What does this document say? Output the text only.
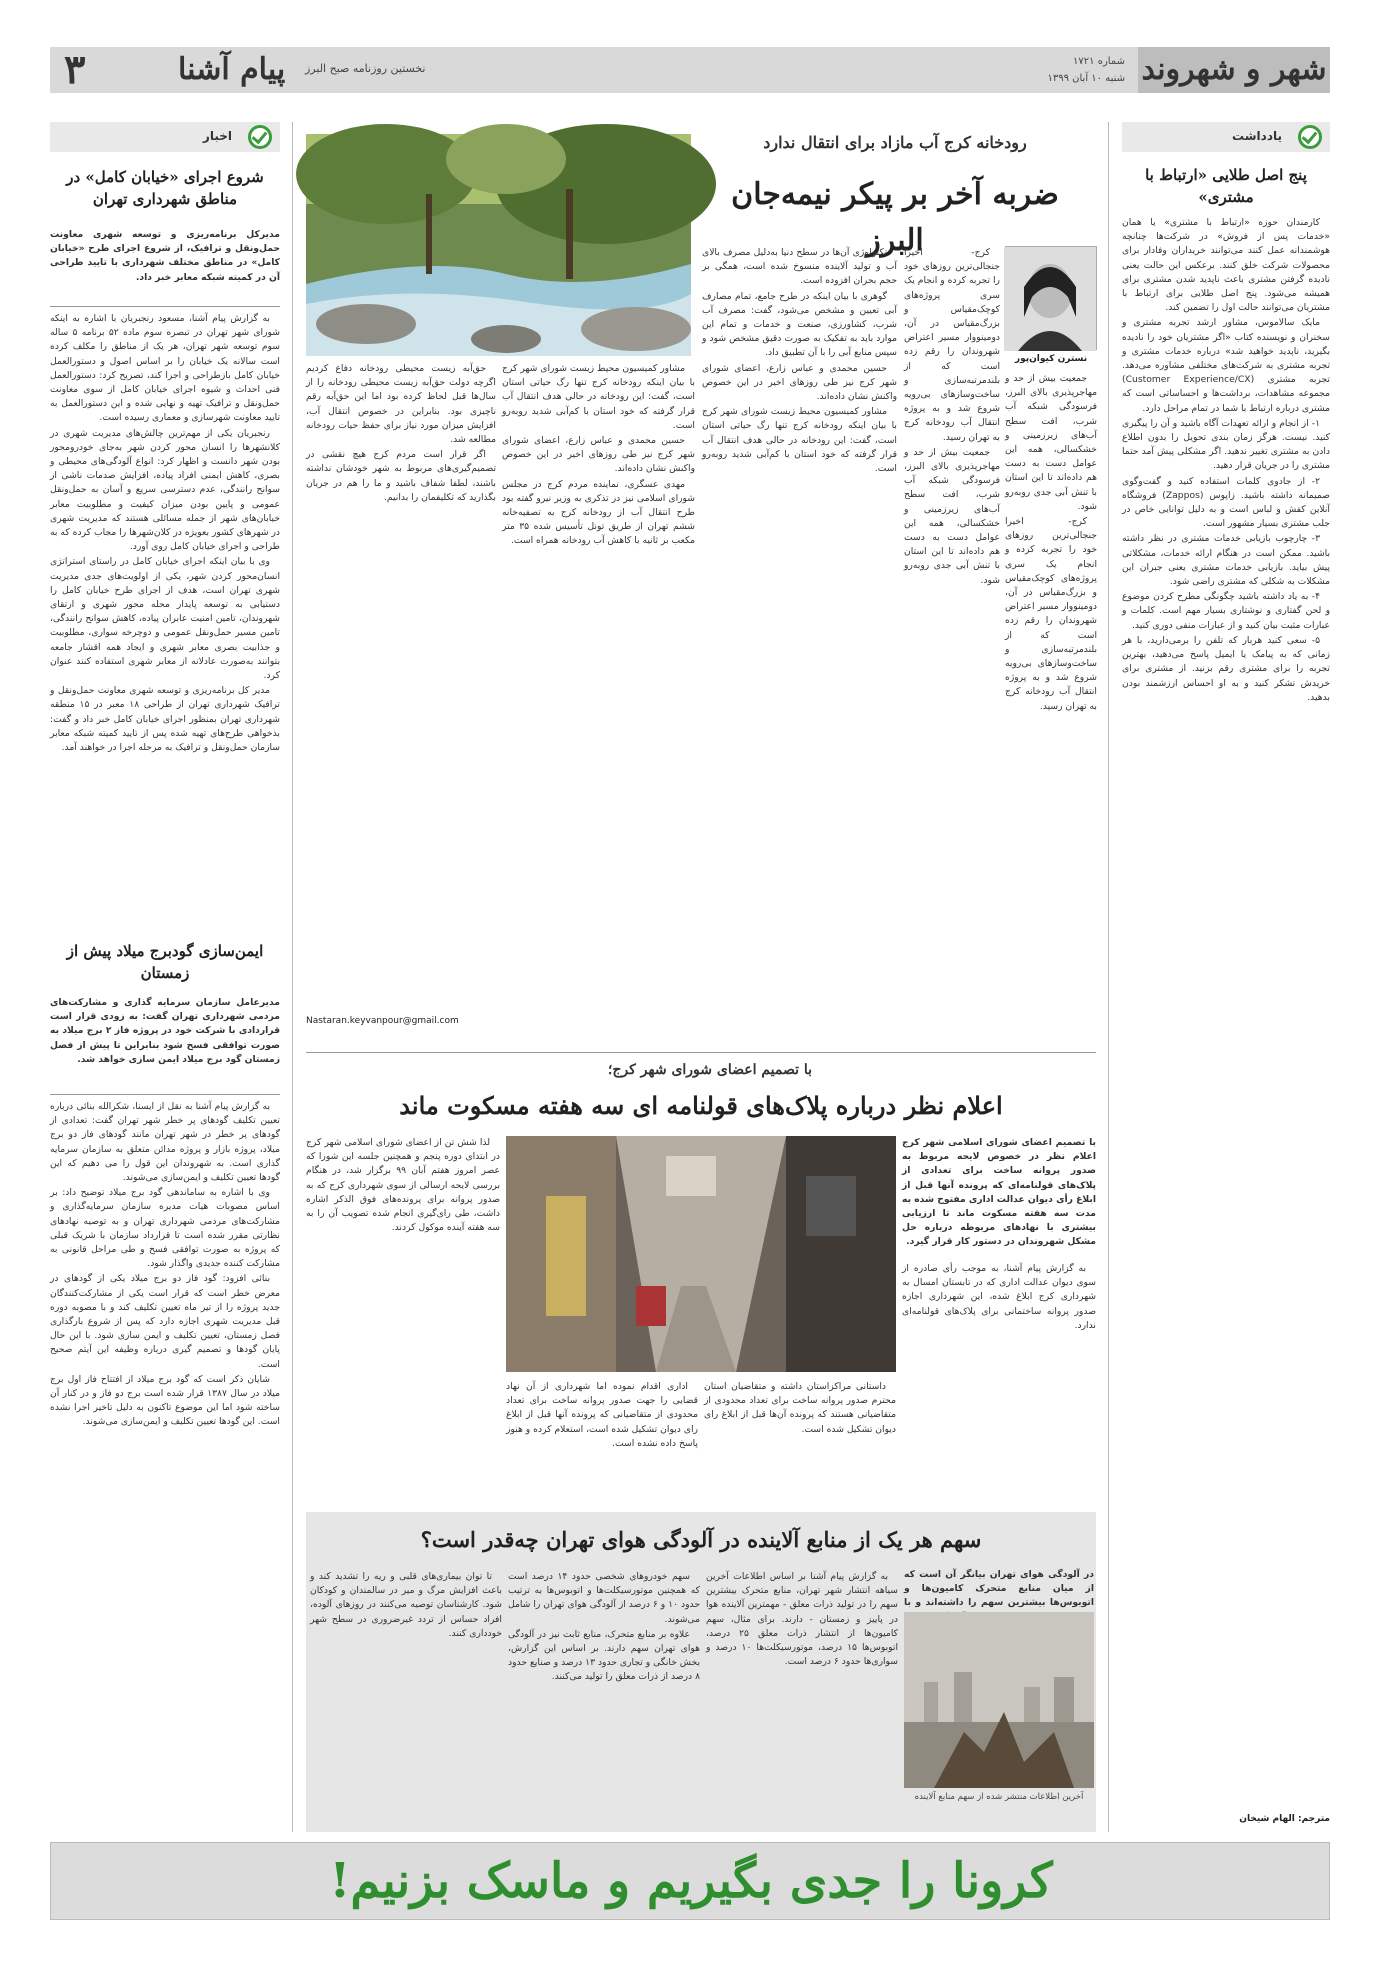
شهر و شهروند
شماره ۱۷۲۱
شنبه ۱۰ آبان ۱۳۹۹
نخستین روزنامه صبح البرز
پیام آشنا
۳
اخبار
شروع اجرای «خیابان کامل» در مناطق شهرداری تهران
مدیرکل برنامه‌ریزی و توسعه شهری معاونت حمل‌ونقل و ترافیک، از شروع اجرای طرح «خیابان کامل» در مناطق مختلف شهرداری با تایید طراحی آن در کمیته شبکه معابر خبر داد.

به گزارش پیام آشنا، مسعود رنجبریان با اشاره به اینکه شورای شهر تهران در تبصره سوم ماده ۵۲ برنامه ۵ ساله سوم توسعه شهر تهران، هر یک از مناطق را مکلف کرده است سالانه یک خیابان را بر اساس اصول و دستورالعمل خیابان کامل بازطراحی و اجرا کند، تصریح کرد: دستورالعمل فنی احداث و شیوه اجرای خیابان کامل از سوی معاونت حمل‌ونقل و ترافیک تهیه و نهایی شده و این دستورالعمل به تایید معاونت شهرسازی و معماری رسیده است.

رنجبریان یکی از مهم‌ترین چالش‌های مدیریت شهری در کلانشهرها را انسان محور کردن شهر به‌جای خودرومحور بودن شهر دانست و اظهار کرد: انواع آلودگی‌های محیطی و بصری، کاهش ایمنی افراد پیاده، افزایش صدمات ناشی از سوانح رانندگی، عدم دسترسی سریع و آسان به حمل‌ونقل عمومی و پایین بودن میزان کیفیت و مطلوبیت معابر خیابان‌های شهر از جمله مسائلی هستند که مدیریت شهری در شهرهای کشور بعویژه در کلان‌شهرها را مجاب کرده که به طراحی و اجرای خیابان کامل روی آورد.

وی با بیان اینکه اجرای خیابان کامل در راستای استراتژی انسان‌محور کردن شهر، یکی از اولویت‌های جدی مدیریت شهری تهران است، هدف از اجرای طرح خیابان کامل را دستیابی به توسعه پایدار محله محور شهری و ارتقای شهروندان، تامین امنیت عابران پیاده، کاهش سوانح رانندگی، تامین مسیر حمل‌ونقل عمومی و دوچرخه سواری، مطلوبیت و جذابیت بصری معابر شهری و ایجاد همه اقشار جامعه بتوانند به‌صورت عادلانه از معابر شهری استفاده کنند عنوان کرد.

مدیر کل برنامه‌ریزی و توسعه شهری معاونت حمل‌ونقل و ترافیک شهرداری تهران از طراحی ۱۸ معبر در ۱۵ منطقه شهرداری تهران بمنظور اجرای خیابان کامل خبر داد و گفت: بذخواهی طرح‌های تهیه شده پس از تایید کمیته شبکه معابر سازمان حمل‌ونقل و ترافیک به مرحله اجرا در خواهند آمد.

ایمن‌سازی گودبرج میلاد پیش از زمستان
مدیرعامل سازمان سرمایه گذاری و مشارکت‌های مردمی شهرداری تهران گفت: به زودی قرار است قراردادی با شرکت خود در پروژه فاز ۲ برج میلاد به صورت توافقی فسخ شود بنابراین تا پیش از فصل زمستان گود برج میلاد ایمن سازی خواهد شد.

به گزارش پیام آشنا به نقل از ایسنا، شکرالله بنائی درباره تعیین تکلیف گودهای پر خطر شهر تهران گفت: تعدادی از گودهای پر خطر در شهر تهران مانند گودهای فاز دو برج میلاد، پروژه بازار و پروژه مدائن متعلق به سازمان سرمایه گذاری است. به شهروندان این قول را می دهیم که این گودها تعیین تکلیف و ایمن‌سازی می‌شوند.

وی با اشاره به ساماندهی گود برج میلاد توضیح داد: بر اساس مصوبات هیات مدیره سازمان سرمایه‌گذاری و مشارکت‌های مردمی شهرداری تهران و به توصیه نهادهای نظارتی مقرر شده است تا قرارداد سازمان با شریک قبلی که پروژه به صورت توافقی فسخ و طی مراحل قانونی به مشارکت کننده جدیدی واگذار شود.

بنائی افزود: گود فاز دو برج میلاد یکی از گودهای در معرض خطر است که قرار است یکی از مشارکت‌کنندگان جدید پروژه را از تیر ماه تعیین تکلیف کند و با مصوبه دوره قبل مدیریت شهری اجازه دارد که پس از شروع بارگذاری فصل زمستان، تعیین تکلیف و ایمن سازی شود. با این حال پایان گودها و تصمیم گیری درباره وظیفه این آیتم صحیح است.

شایان ذکر است که گود برج میلاد از افتتاح فاز اول برج میلاد در سال ۱۳۸۷ قرار شده است برج دو فاز و در کنار آن ساخته شود اما این موضوع تاکنون به دلیل تاخیر اجرا نشده است. این گودها تعیین تکلیف و ایمن‌سازی می‌شوند.

رودخانه کرج آب مازاد برای انتقال ندارد
ضربه آخر بر پیکر نیمه‌جان البرز
نسترن کیوان‌پور

کرج- اخیرا جنجالی‌ترین روزهای خود را تجربه کرده و انجام یک سری پروژه‌های کوچک‌مقیاس و بزرگ‌مقیاس در آن، دومینو‌وار مسیر اعتراض شهروندان را رقم زده است که از بلندمرتبه‌سازی و ساخت‌وسازهای بی‌رویه شروع شد و به پروژه انتقال آب رودخانه کرج به تهران رسید.

جمعیت بیش از حد و مهاجرپذیری بالای البرز، فرسودگی شبکه آب شرب، افت سطح آب‌های زیرزمینی و خشکسالی، همه این عوامل دست به دست هم داده‌اند تا این استان با تنش آبی جدی روبه‌رو شود.

جمعیت بیش از حد و مهاجرپذیری بالای البرز، فرسودگی شبکه آب شرب، افت سطح آب‌های زیرزمینی و خشکسالی، همه این عوامل دست به دست هم داده‌اند تا این استان با تنش آبی جدی روبه‌رو شود.

کرج- اخیرا جنجالی‌ترین روزهای خود را تجربه کرده و انجام یک سری پروژه‌های کوچک‌مقیاس و بزرگ‌مقیاس در آن، دومینو‌وار مسیر اعتراض شهروندان را رقم زده است که از بلندمرتبه‌سازی و ساخت‌وسازهای بی‌رویه شروع شد و به پروژه انتقال آب رودخانه کرج به تهران رسید.

تکنولوژی آن‌ها در سطح دنیا به‌دلیل مصرف بالای آب و تولید آلاینده منسوخ شده است، همگی بر حجم بحران افزوده است.

گوهری با بیان اینکه در طرح جامع، تمام مصارف آبی تعیین و مشخص می‌شود، گفت: مصرف آب شرب، کشاورزی، صنعت و خدمات و تمام این موارد باید به تفکیک به صورت دقیق مشخص شود و سپس منابع آبی را با آن تطبیق داد.

حسین محمدی و عباس زارع، اعضای شورای شهر کرج نیز طی روزهای اخیر در این خصوص واکنش نشان داده‌اند.

مشاور کمیسیون محیط زیست شورای شهر کرج با بیان اینکه رودخانه کرج تنها رگ حیاتی استان است، گفت: این رودخانه در حالی هدف انتقال آب قرار گرفته که خود استان با کم‌آبی شدید روبه‌رو است.

مشاور کمیسیون محیط زیست شورای شهر کرج با بیان اینکه رودخانه کرج تنها رگ حیاتی استان است، گفت: این رودخانه در حالی هدف انتقال آب قرار گرفته که خود استان با کم‌آبی شدید روبه‌رو است.

حسین محمدی و عباس زارع، اعضای شورای شهر کرج نیز طی روزهای اخیر در این خصوص واکنش نشان داده‌اند.

مهدی عسگری، نماینده مردم کرج در مجلس شورای اسلامی نیز در تذکری به وزیر نیرو گفته بود طرح انتقال آب از رودخانه کرج به تصفیه‌خانه ششم تهران از طریق تونل تأسیس شده ۳۵ متر مکعب بر ثانیه با کاهش آب رودخانه همراه است.

حق‌آبه زیست محیطی رودخانه دفاع کردیم اگرچه دولت حق‌آبه زیست محیطی رودخانه را از سال‌ها قبل لحاظ کرده بود اما این حق‌آبه رقم ناچیزی بود. بنابراین در خصوص انتقال آب، افزایش میزان مورد نیاز برای حفظ حیات رودخانه مطالعه شد.

اگر قرار است مردم کرج هیچ نقشی در تصمیم‌گیری‌های مربوط به شهر خودشان نداشته باشند، لطفا شفاف باشید و ما را هم در جریان بگذارید که تکلیفمان را بدانیم.

Nastaran.keyvanpour@gmail.com
با تصمیم اعضای شورای شهر کرج؛
اعلام نظر درباره پلاک‌های قولنامه ای سه هفته مسکوت ماند
با تصمیم اعضای شورای اسلامی شهر کرج اعلام نظر در خصوص لایحه مربوط به صدور پروانه ساخت برای تعدادی از پلاک‌های قولنامه‌ای که پرونده آنها قبل از ابلاغ رأی دیوان عدالت اداری مفتوح شده به مدت سه هفته مسکوت ماند تا ارزیابی بیشتری با نهادهای مربوطه درباره حل مشکل شهروندان در دستور کار قرار گیرد.

به گزارش پیام آشنا، به موجب رأی صادره از سوی دیوان عدالت اداری که در تابستان امسال به شهرداری کرج ابلاغ شده، این شهرداری اجازه صدور پروانه ساختمانی برای پلاک‌های قولنامه‌ای ندارد.

لذا شش تن از اعضای شورای اسلامی شهر کرج در ابتدای دوره پنجم و همچنین جلسه این شورا که عصر امروز هفتم آبان ۹۹ برگزار شد، در هنگام بررسی لایحه ارسالی از سوی شهرداری کرج که به صدور پروانه برای پرونده‌های فوق الذکر اشاره داشت، طی رای‌گیری انجام شده تصویب آن را به سه هفته آینده موکول کردند.

داستانی مراکزاستان داشته و متقاضیان استان محترم صدور پروانه ساخت برای تعداد محدودی از متقاضیانی هستند که پرونده آن‌ها قبل از ابلاغ رای دیوان تشکیل شده است.

اداری اقدام نموده اما شهرداری از آن نهاد قضایی را جهت صدور پروانه ساخت برای تعداد محدودی از متقاضیانی که پرونده آنها قبل از ابلاغ رای دیوان تشکیل شده است، استعلام کرده و هنوز پاسخ داده نشده است.

سهم هر یک از منابع آلاینده در آلودگی هوای تهران چه‌قدر است؟
در آلودگی هوای تهران بیانگر آن است که از میان منابع متحرک کامیون‌ها و اتوبوس‌ها بیشترین سهم را داشته‌اند و با
آخرین اطلاعات منتشر شده از سهم منابع آلاینده

به گزارش پیام آشنا بر اساس اطلاعات آخرین سیاهه انتشار شهر تهران، منابع متحرک بیشترین سهم را در تولید ذرات معلق - مهمترین آلاینده هوا در پاییز و زمستان - دارند. برای مثال، سهم کامیون‌ها از انتشار ذرات معلق ۲۵ درصد، اتوبوس‌ها ۱۵ درصد، موتورسیکلت‌ها ۱۰ درصد و سواری‌ها حدود ۶ درصد است.

سهم خودروهای شخصی حدود ۱۴ درصد است که همچنین موتورسیکلت‌ها و اتوبوس‌ها به ترتیب حدود ۱۰ و ۶ درصد از آلودگی هوای تهران را شامل می‌شوند.

علاوه بر منابع متحرک، منابع ثابت نیز در آلودگی هوای تهران سهم دارند. بر اساس این گزارش، بخش خانگی و تجاری حدود ۱۳ درصد و صنایع حدود ۸ درصد از ذرات معلق را تولید می‌کنند.

تا توان بیماری‌های قلبی و ریه را تشدید کند و باعث افزایش مرگ و میر در سالمندان و کودکان شود. کارشناسان توصیه می‌کنند در روزهای آلوده، افراد حساس از تردد غیرضروری در سطح شهر خودداری کنند.

یادداشت
پنج اصل طلایی «ارتباط با مشتری»

کارمندان حوزه «ارتباط با مشتری» یا همان «خدمات پس از فروش» در شرکت‌ها چنانچه هوشمندانه عمل کنند می‌توانند خریداران وفادار برای محصولات شرکت خلق کنند. برعکس این حالت یعنی نادیده گرفتن مشتری باعث ناپدید شدن مشتری برای همیشه می‌شود. پنج اصل طلایی برای ارتباط با مشتریان می‌توانند حالت اول را تضمین کند.

مایک سالاموس، مشاور ارشد تجربه مشتری و سخنران و نویسنده کتاب «اگر مشتریان خود را نادیده بگیرید، ناپدید خواهید شد» درباره خدمات مشتری و تجربه مشتری به شرکت‌های مختلفی مشاوره می‌دهد. تجربه مشتری (Customer Experience/CX) مجموعه مشاهدات، برداشت‌ها و احساساتی است که مشتری درباره ارتباط با شما در تمام مراحل دارد.

۱- از انجام و ارائه تعهدات آگاه باشید و آن را پیگیری کنید. نیست. هرگز زمان بندی تحویل را بدون اطلاع دادن به مشتری تغییر ندهید. اگر مشکلی پیش آمد حتما مشتری را در جریان قرار دهید.

۲- از جادوی کلمات استفاده کنید و گفت‌وگوی صمیمانه داشته باشید. زاپوس (Zappos) فروشگاه آنلاین کفش و لباس است و به دلیل توانایی خاص در جلب مشتری بسیار مشهور است.

۳- چارچوب بازیابی خدمات مشتری در نظر داشته باشید. ممکن است در هنگام ارائه خدمات، مشکلاتی پیش بیاید. بازیابی خدمات مشتری یعنی جبران این مشکلات به شکلی که مشتری راضی شود.

۴- به یاد داشته باشید چگونگی مطرح کردن موضوع و لحن گفتاری و نوشتاری بسیار مهم است. کلمات و عبارات مثبت بیان کنید و از عبارات منفی دوری کنید.

۵- سعی کنید هربار که تلفن را برمی‌دارید، با هر زمانی که به پیامک یا ایمیل پاسخ می‌دهید، بهترین تجربه را برای مشتری رقم بزنید. از مشتری برای خریدش تشکر کنید و به او احساس ارزشمند بودن بدهید.

مترجم: الهام شیخان
کرونا را جدی بگیریم و ماسک بزنیم!
